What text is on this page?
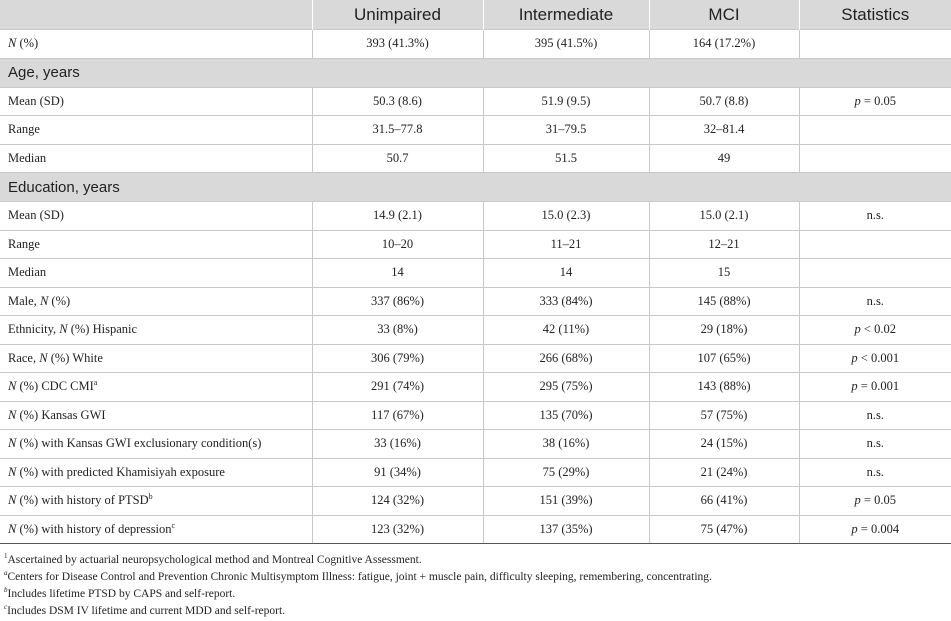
	Unimpaired	Intermediate	MCI	Statistics
N (%)	393 (41.3%)	395 (41.5%)	164 (17.2%)	
Age, years				
Mean (SD)	50.3 (8.6)	51.9 (9.5)	50.7 (8.8)	p = 0.05
Range	31.5–77.8	31–79.5	32–81.4	
Median	50.7	51.5	49	
Education, years				
Mean (SD)	14.9 (2.1)	15.0 (2.3)	15.0 (2.1)	n.s.
Range	10–20	11–21	12–21	
Median	14	14	15	
Male, N (%)	337 (86%)	333 (84%)	145 (88%)	n.s.
Ethnicity, N (%) Hispanic	33 (8%)	42 (11%)	29 (18%)	p < 0.02
Race, N (%) White	306 (79%)	266 (68%)	107 (65%)	p < 0.001
N (%) CDC CMI$^a$	291 (74%)	295 (75%)	143 (88%)	p = 0.001
N (%) Kansas GWI	117 (67%)	135 (70%)	57 (75%)	n.s.
N (%) with Kansas GWI exclusionary condition(s)	33 (16%)	38 (16%)	24 (15%)	n.s.
N (%) with predicted Khamisiyah exposure	91 (34%)	75 (29%)	21 (24%)	n.s.
N (%) with history of PTSD$^b$	124 (32%)	151 (39%)	66 (41%)	p = 0.05
N (%) with history of depression$^c$	123 (32%)	137 (35%)	75 (47%)	p = 0.004
$^1$Ascertained by actuarial neuropsychological method and Montreal Cognitive Assessment.
$^a$Centers for Disease Control and Prevention Chronic Multisymptom Illness: fatigue, joint + muscle pain, difficulty sleeping, remembering, concentrating.
$^b$Includes lifetime PTSD by CAPS and self-report.
$^c$Includes DSM IV lifetime and current MDD and self-report.
